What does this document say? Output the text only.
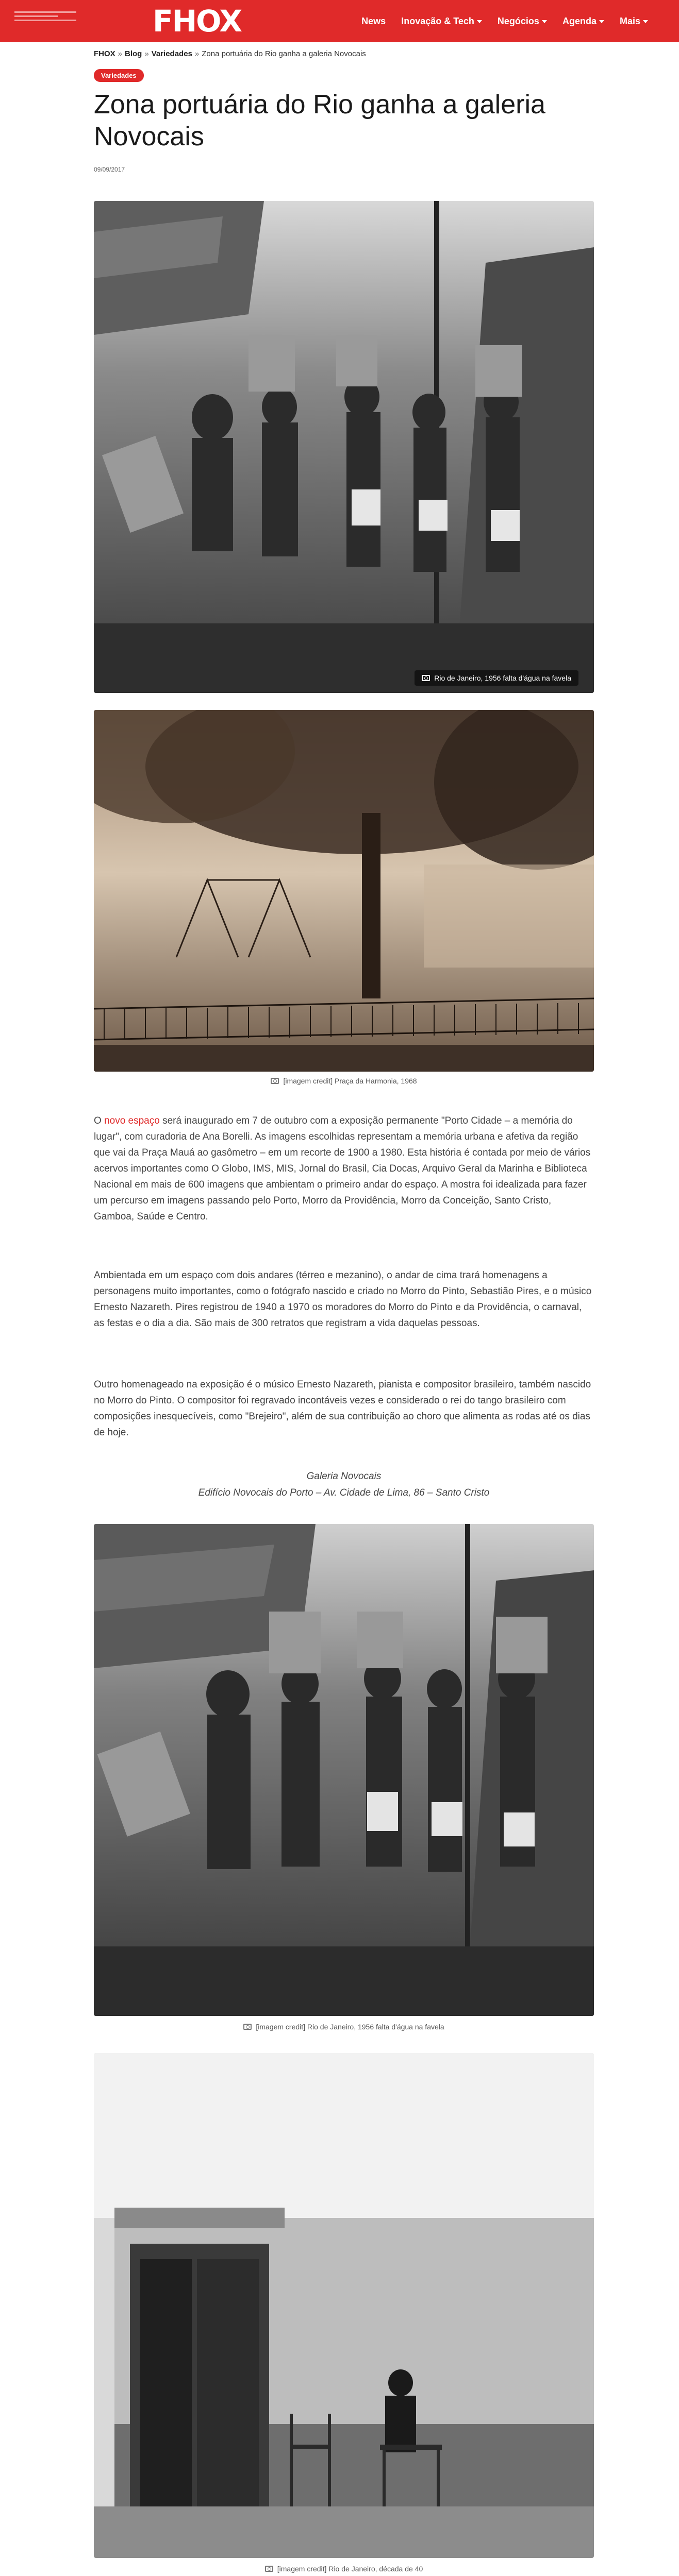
FHOX	News Inovação & Tech	Negócios	Agenda	Mais
FHOX » Blog » Variedades » Zona portuária do Rio ganha a galeria Novocais
Variedades
Zona portuária do Rio ganha a galeria Novocais
09/09/2017
Rio de Janeiro, 1956 falta d'água na favela
[imagem credit] Praça da Harmonia, 1968

O novo espaço será inaugurado em 7 de outubro com a exposição permanente "Porto Cidade – a memória do lugar", com curadoria de Ana Borelli. As imagens escolhidas representam a memória urbana e afetiva da região que vai da Praça Mauá ao gasômetro – em um recorte de 1900 a 1980. Esta história é contada por meio de vários acervos importantes como O Globo, IMS, MIS, Jornal do Brasil, Cia Docas, Arquivo Geral da Marinha e Biblioteca Nacional em mais de 600 imagens que ambientam o primeiro andar do espaço. A mostra foi idealizada para fazer um percurso em imagens passando pelo Porto, Morro da Providência, Morro da Conceição, Santo Cristo, Gamboa, Saúde e Centro.

Ambientada em um espaço com dois andares (térreo e mezanino), o andar de cima trará homenagens a personagens muito importantes, como o fotógrafo nascido e criado no Morro do Pinto, Sebastião Pires, e o músico Ernesto Nazareth. Pires registrou de 1940 a 1970 os moradores do Morro do Pinto e da Providência, o carnaval, as festas e o dia a dia. São mais de 300 retratos que registram a vida daquelas pessoas.

Outro homenageado na exposição é o músico Ernesto Nazareth, pianista e compositor brasileiro, também nascido no Morro do Pinto. O compositor foi regravado incontáveis vezes e considerado o rei do tango brasileiro com composições inesquecíveis, como "Brejeiro", além de sua contribuição ao choro que alimenta as rodas até os dias de hoje.

Galeria Novocais
Edifício Novocais do Porto – Av. Cidade de Lima, 86 – Santo Cristo
[imagem credit] Rio de Janeiro, 1956 falta d'água na favela
[imagem credit] Rio de Janeiro, década de 40
